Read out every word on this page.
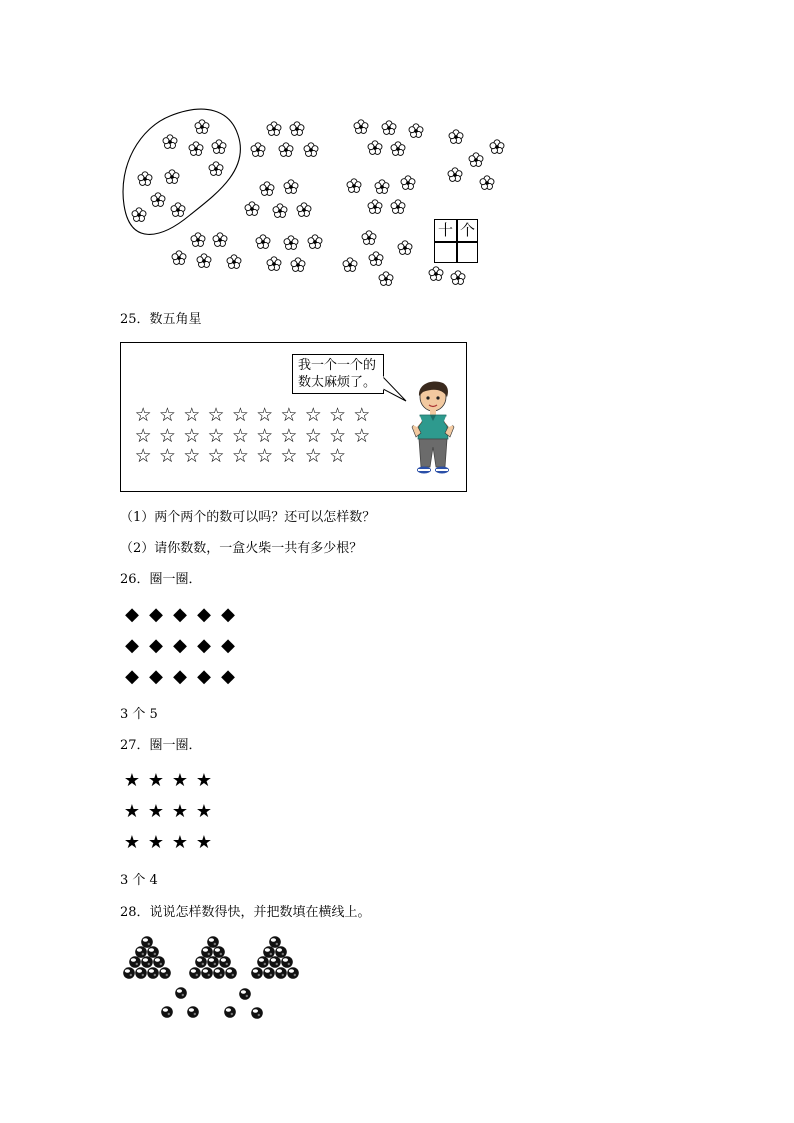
十 个
25．数五角星
☆ ☆ ☆ ☆ ☆ ☆ ☆ ☆ ☆ ☆
☆ ☆ ☆ ☆ ☆ ☆ ☆ ☆ ☆ ☆
☆ ☆ ☆ ☆ ☆ ☆ ☆ ☆ ☆
我一个一个的
数太麻烦了。
（1）两个两个的数可以吗？还可以怎样数？
（2）请你数数，一盒火柴一共有多少根？
26．圈一圈．
◆ ◆ ◆ ◆ ◆
◆ ◆ ◆ ◆ ◆
◆ ◆ ◆ ◆ ◆
3 个 5
27．圈一圈．
★ ★ ★ ★
★ ★ ★ ★
★ ★ ★ ★
3 个 4
28．说说怎样数得快，并把数填在横线上。
